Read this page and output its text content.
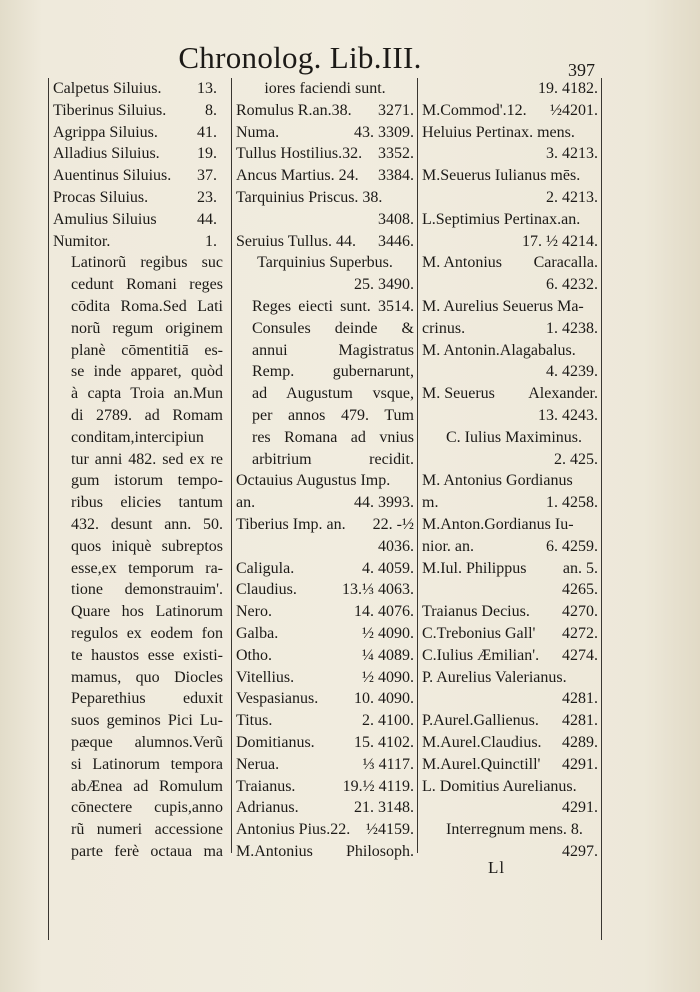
Chronolog. Lib.III.	397
Calpetus Siluius.	13.
Tiberinus Siluius.	8.
Agrippa Siluius.	41.
Alladius Siluius.	19.
Auentinus Siluius.	37.
Procas Siluius.	23.
Amulius Siluius	44.
Numitor.	1.
Latinorũ regibus suc
cedunt Romani reges
cōdita Roma.Sed Lati
norũ regum originem
planè cōmentitiā es-
se inde apparet, quòd
à capta Troia an.Mun
di 2789. ad Romam
conditam,intercipiun
tur anni 482. sed ex re
gum istorum tempo-
ribus elicies tantum
432. desunt ann. 50.
quos iniquè subreptos
esse,ex temporum ra-
tione demonstrauim'.
Quare hos Latinorum
regulos ex eodem fon
te haustos esse existi-
mamus, quo Diocles
Peparethius eduxit
suos geminos Pici Lu-
pæque alumnos.Verũ
si Latinorum tempora
abÆnea ad Romulum
cōnectere cupis,anno
rũ numeri accessione
parte ferè octaua ma
iores faciendi sunt.
Romulus R.an.38.	3271.
Numa.	43. 3309.
Tullus Hostilius.32. 3352.
Ancus Martius. 24.	3384.
Tarquinius Priscus. 38.
3408.
Seruius Tullus. 44.	3446.
Tarquinius Superbus.
25. 3490.
Reges eiecti sunt. 3514.
Consules deinde &
annui Magistratus
Remp. gubernarunt,
ad Augustum vsque,
per annos 479. Tum
res Romana ad vnius
arbitrium recidit.
Octauius Augustus Imp.
an.	44. 3993.
Tiberius Imp. an.	22. -½
4036.
Caligula.	4. 4059.
Claudius.	13.⅓ 4063.
Nero.	14. 4076.
Galba.	½ 4090.
Otho.	¼ 4089.
Vitellius.	½ 4090.
Vespasianus.	10. 4090.
Titus.	2. 4100.
Domitianus.	15. 4102.
Nerua.	⅓ 4117.
Traianus.	19.½ 4119.
Adrianus.	21. 3148.
Antonius Pius.22. ½4159.
M.Antonius	Philosoph.
19. 4182.
M.Commod'.12.	½4201.
Heluius Pertinax. mens.
3. 4213.
M.Seuerus Iulianus mēs.
2. 4213.
L.Septimius Pertinax.an.
17. ½ 4214.
M. Antonius	Caracalla.
6. 4232.
M. Aurelius Seuerus Ma-
crinus.	1. 4238.
M. Antonin.Alagabalus.
4. 4239.
M. Seuerus	Alexander.
13. 4243.
C. Iulius Maximinus.
2. 425.
M. Antonius Gordianus
m.	1. 4258.
M.Anton.Gordianus Iu-
nior. an.	6. 4259.
M.Iul. Philippus	an. 5.
4265.
Traianus Decius.	4270.
C.Trebonius Gall'	4272.
C.Iulius Æmilian'.	4274.
P. Aurelius Valerianus.
4281.
P.Aurel.Gallienus.	4281.
M.Aurel.Claudius.	4289.
M.Aurel.Quinctill'	4291.
L. Domitius Aurelianus.
4291.
Interregnum mens. 8.
4297.
Ll
